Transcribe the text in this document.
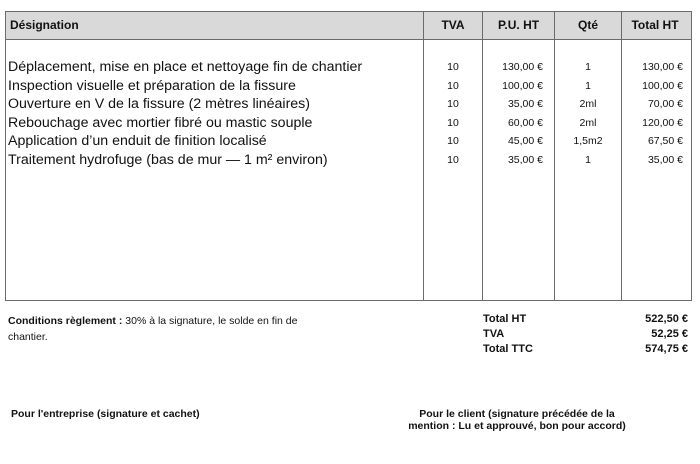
Désignation	TVA	P.U. HT	Qté	Total HT
Déplacement, mise en place et nettoyage fin de chantier	10	130,00 €	1	130,00 €
Inspection visuelle et préparation de la fissure	10	100,00 €	1	100,00 €
Ouverture en V de la fissure (2 mètres linéaires)	10	35,00 €	2ml	70,00 €
Rebouchage avec mortier fibré ou mastic souple	10	60,00 €	2ml	120,00 €
Application d’un enduit de finition localisé	10	45,00 €	1,5m2	67,50 €
Traitement hydrofuge (bas de mur — 1 m² environ)	10	35,00 €	1	35,00 €
Conditions règlement : 30% à la signature, le solde en fin de chantier.
Total HT	522,50 €
TVA	52,25 €
Total TTC	574,75 €
Pour l'entreprise (signature et cachet)	Pour le client (signature précédée de la
mention : Lu et approuvé, bon pour accord)
